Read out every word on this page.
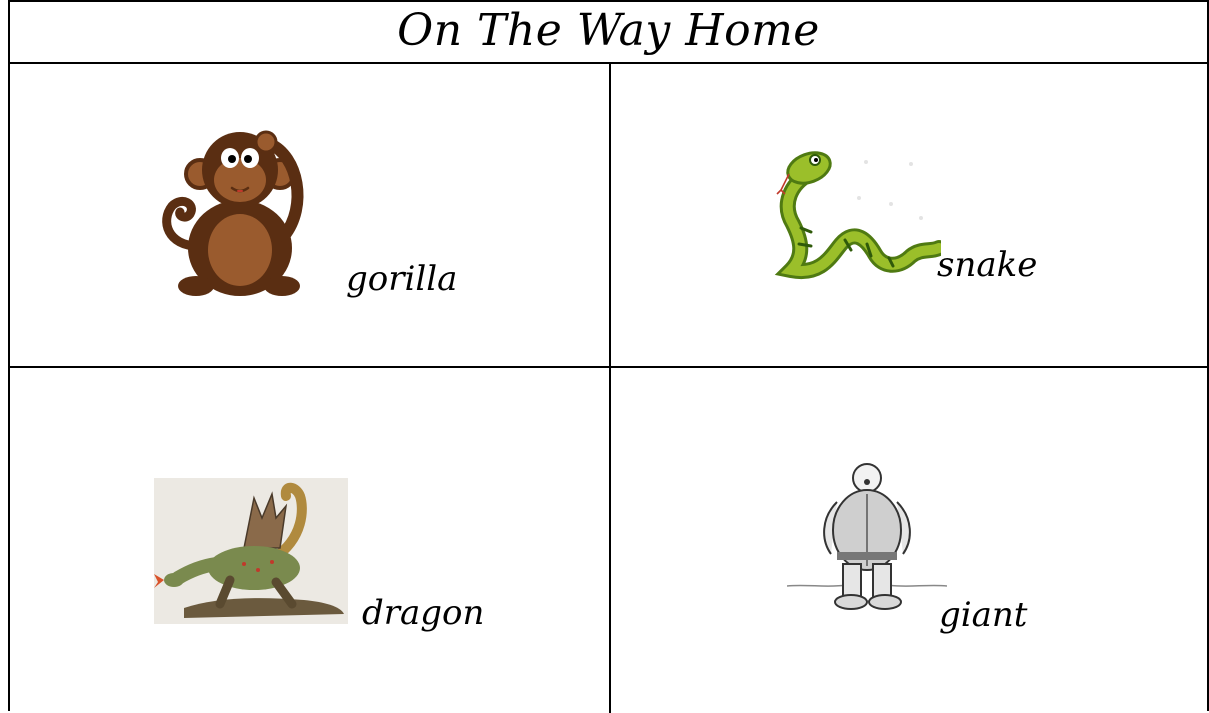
On The Way Home
gorilla	snake
dragon	giant
